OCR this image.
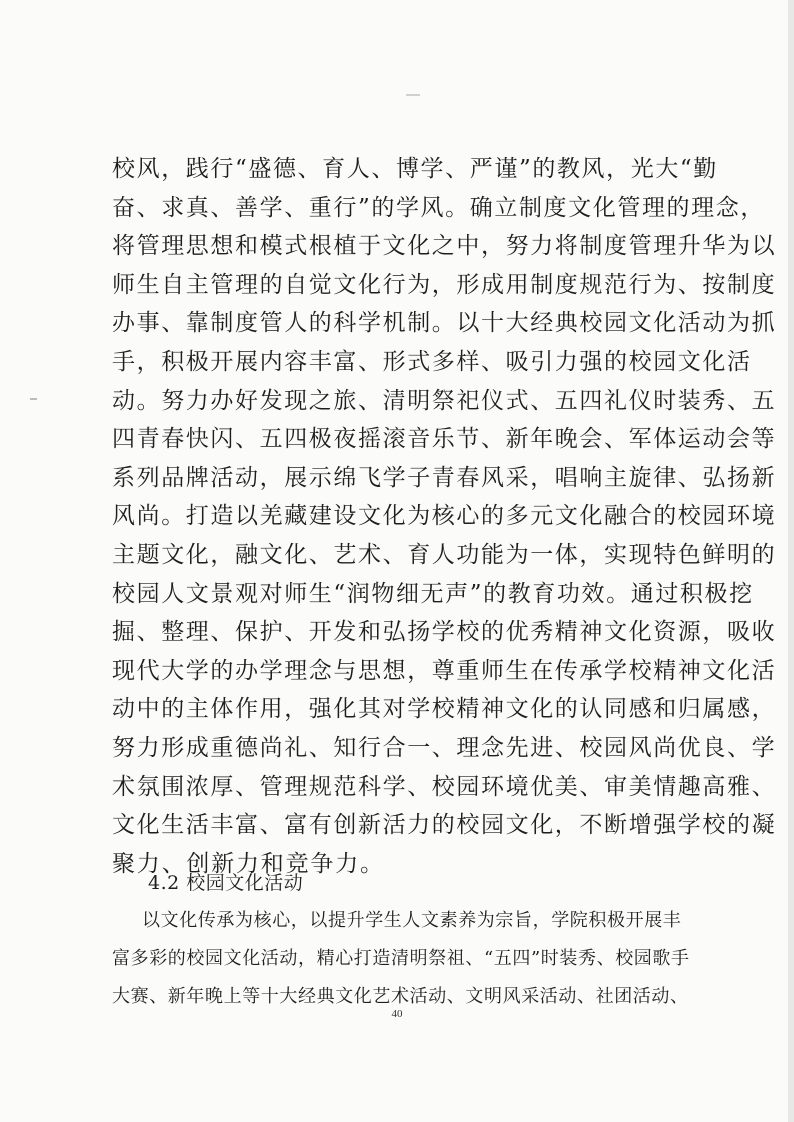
校风，践行“盛德、育人、博学、严谨”的教风，光大“勤
奋、求真、善学、重行”的学风。确立制度文化管理的理念，
将管理思想和模式根植于文化之中，努力将制度管理升华为以
师生自主管理的自觉文化行为，形成用制度规范行为、按制度
办事、靠制度管人的科学机制。以十大经典校园文化活动为抓
手，积极开展内容丰富、形式多样、吸引力强的校园文化活
动。努力办好发现之旅、清明祭祀仪式、五四礼仪时装秀、五
四青春快闪、五四极夜摇滚音乐节、新年晚会、军体运动会等
系列品牌活动，展示绵飞学子青春风采，唱响主旋律、弘扬新
风尚。打造以羌藏建设文化为核心的多元文化融合的校园环境
主题文化，融文化、艺术、育人功能为一体，实现特色鲜明的
校园人文景观对师生“润物细无声”的教育功效。通过积极挖
掘、整理、保护、开发和弘扬学校的优秀精神文化资源，吸收
现代大学的办学理念与思想，尊重师生在传承学校精神文化活
动中的主体作用，强化其对学校精神文化的认同感和归属感，
努力形成重德尚礼、知行合一、理念先进、校园风尚优良、学
术氛围浓厚、管理规范科学、校园环境优美、审美情趣高雅、
文化生活丰富、富有创新活力的校园文化，不断增强学校的凝
聚力、创新力和竞争力。
4.2 校园文化活动
以文化传承为核心，以提升学生人文素养为宗旨，学院积极开展丰
富多彩的校园文化活动，精心打造清明祭祖、“五四”时装秀、校园歌手
大赛、新年晚上等十大经典文化艺术活动、文明风采活动、社团活动、
40
